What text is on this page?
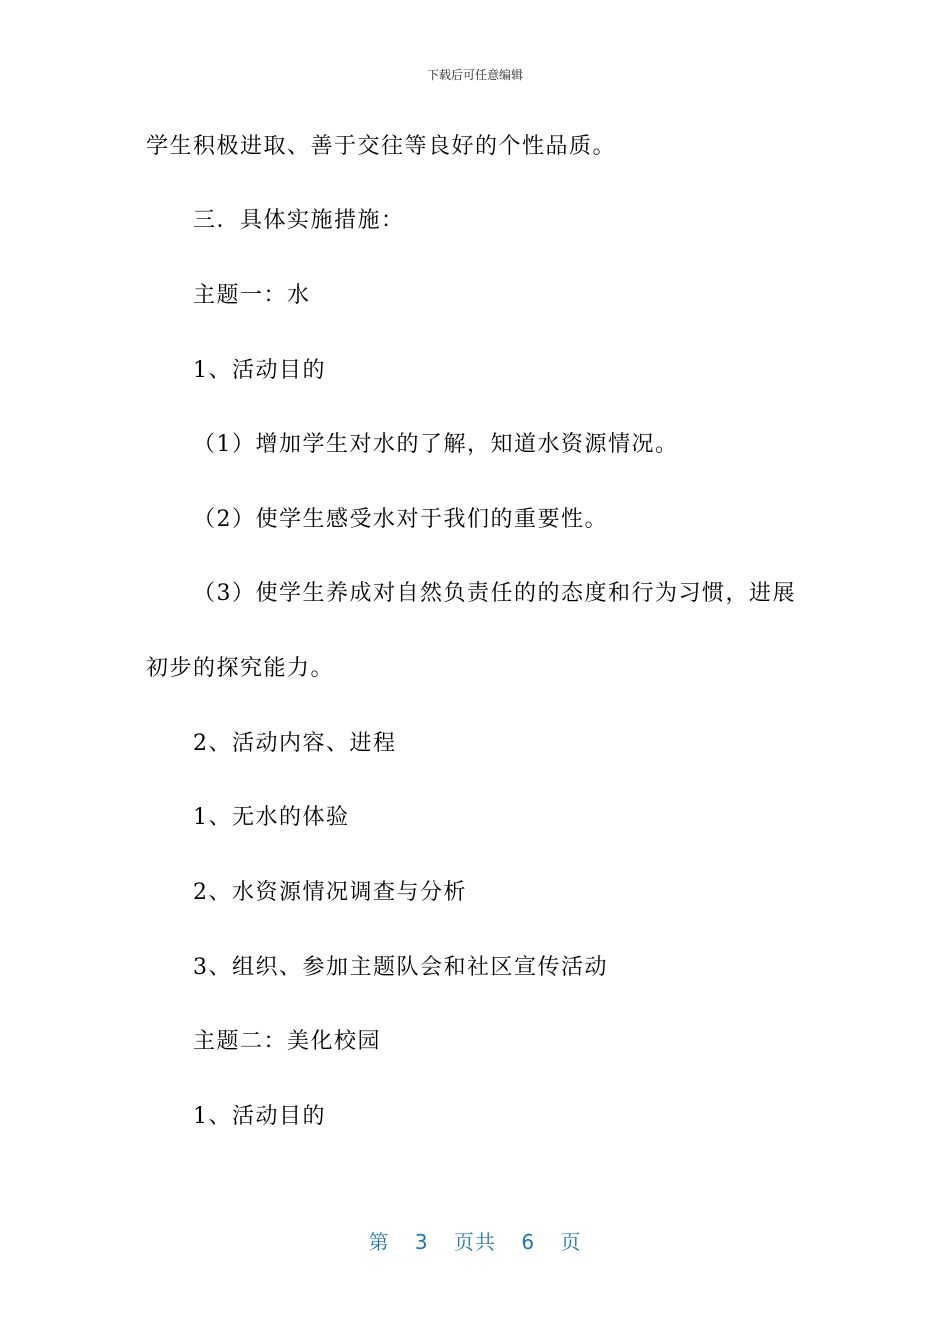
下载后可任意编辑
学生积极进取、善于交往等良好的个性品质。
三．具体实施措施：
主题一：水
1、活动目的
（1）增加学生对水的了解，知道水资源情况。
（2）使学生感受水对于我们的重要性。
（3）使学生养成对自然负责任的的态度和行为习惯，进展
初步的探究能力。
2、活动内容、进程
1、无水的体验
2、水资源情况调查与分析
3、组织、参加主题队会和社区宣传活动
主题二：美化校园
1、活动目的
第 3 页共 6 页
